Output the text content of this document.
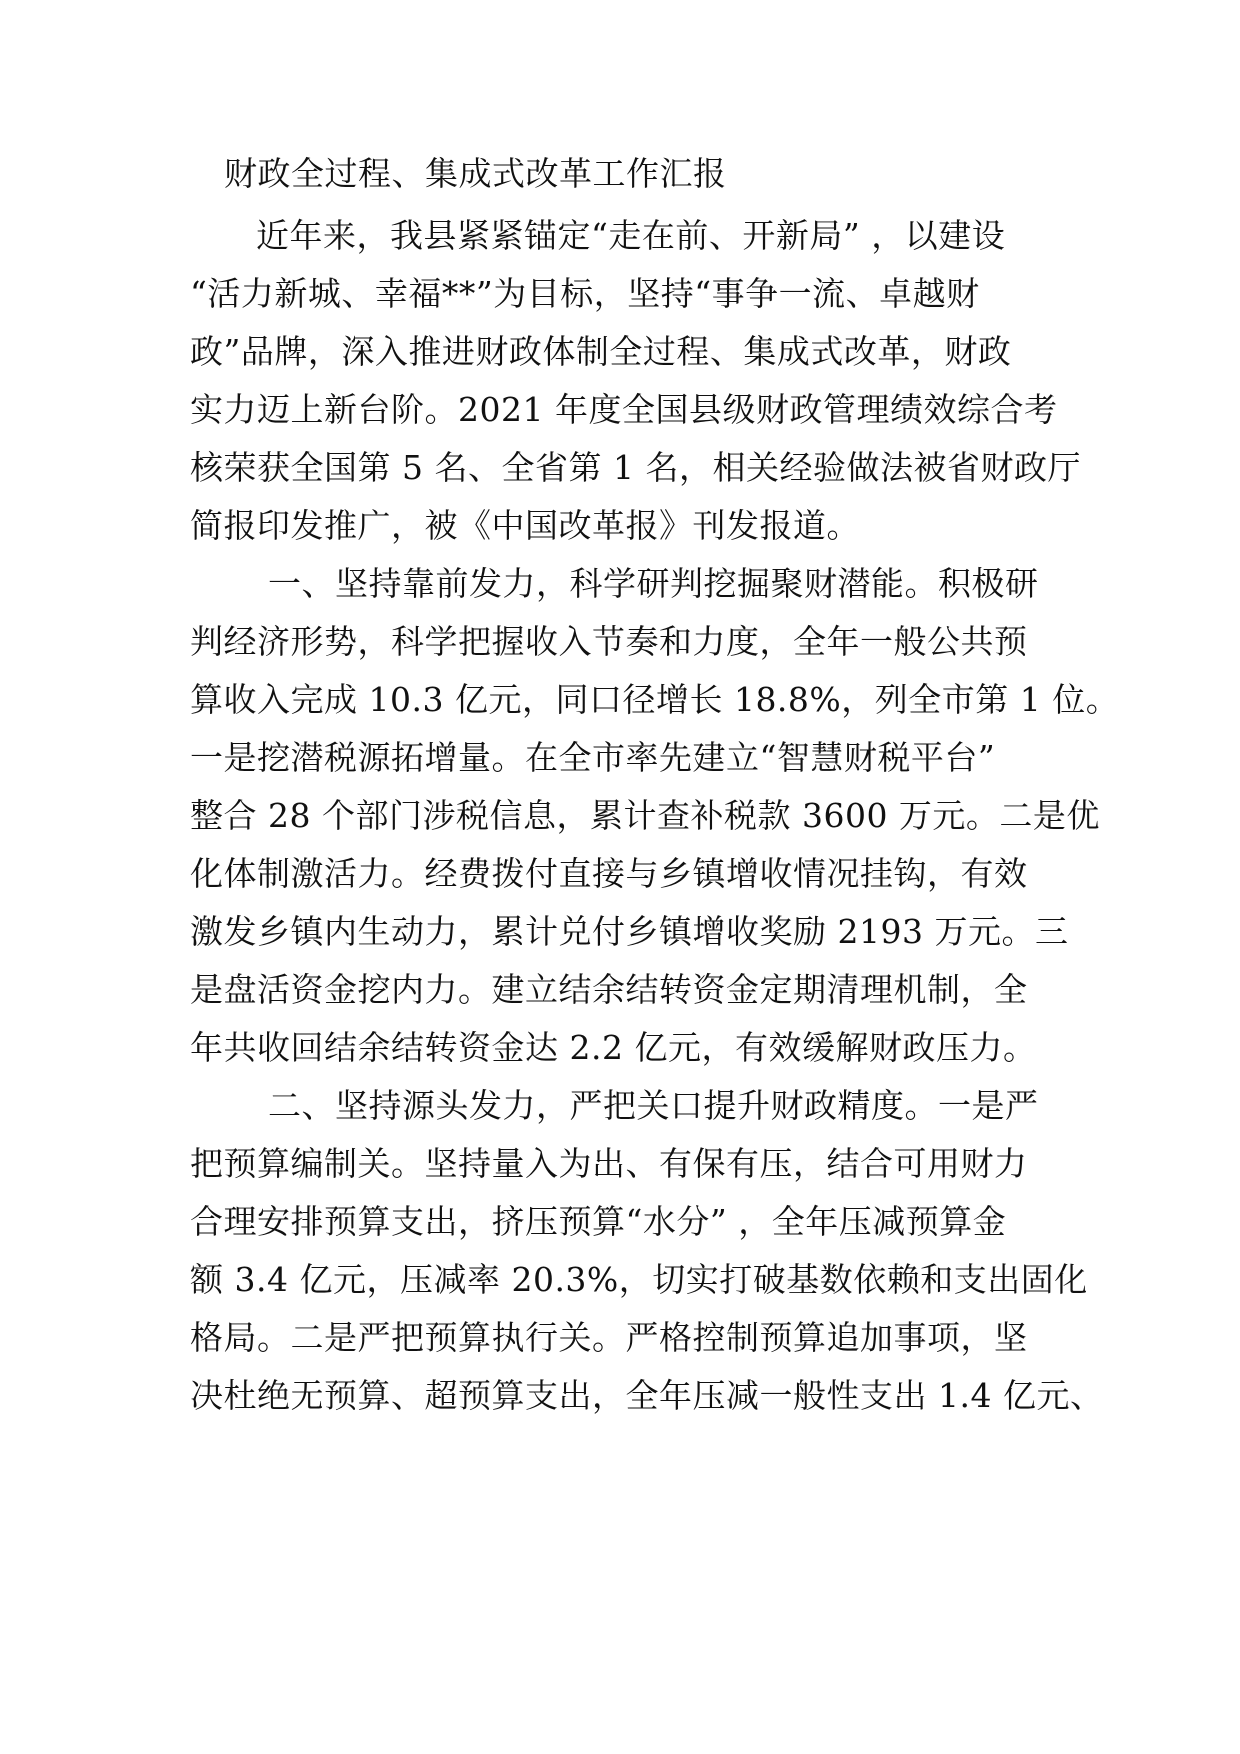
财政全过程、集成式改革工作汇报
近年来，我县紧紧锚定“走在前、开新局” ，以建设
“活力新城、幸福**”为目标，坚持“事争一流、卓越财
政”品牌，深入推进财政体制全过程、集成式改革，财政
实力迈上新台阶。2021 年度全国县级财政管理绩效综合考
核荣获全国第 5 名、全省第 1 名，相关经验做法被省财政厅
简报印发推广，被《中国改革报》刊发报道。
一、坚持靠前发力，科学研判挖掘聚财潜能。积极研
判经济形势，科学把握收入节奏和力度，全年一般公共预
算收入完成 10.3 亿元，同口径增长 18.8%，列全市第 1 位。
一是挖潜税源拓增量。在全市率先建立“智慧财税平台”
整合 28 个部门涉税信息，累计查补税款 3600 万元。二是优
化体制激活力。经费拨付直接与乡镇增收情况挂钩，有效
激发乡镇内生动力，累计兑付乡镇增收奖励 2193 万元。三
是盘活资金挖内力。建立结余结转资金定期清理机制，全
年共收回结余结转资金达 2.2 亿元，有效缓解财政压力。
二、坚持源头发力，严把关口提升财政精度。一是严
把预算编制关。坚持量入为出、有保有压，结合可用财力
合理安排预算支出，挤压预算“水分” ，全年压减预算金
额 3.4 亿元，压减率 20.3%，切实打破基数依赖和支出固化
格局。二是严把预算执行关。严格控制预算追加事项，坚
决杜绝无预算、超预算支出，全年压减一般性支出 1.4 亿元、
